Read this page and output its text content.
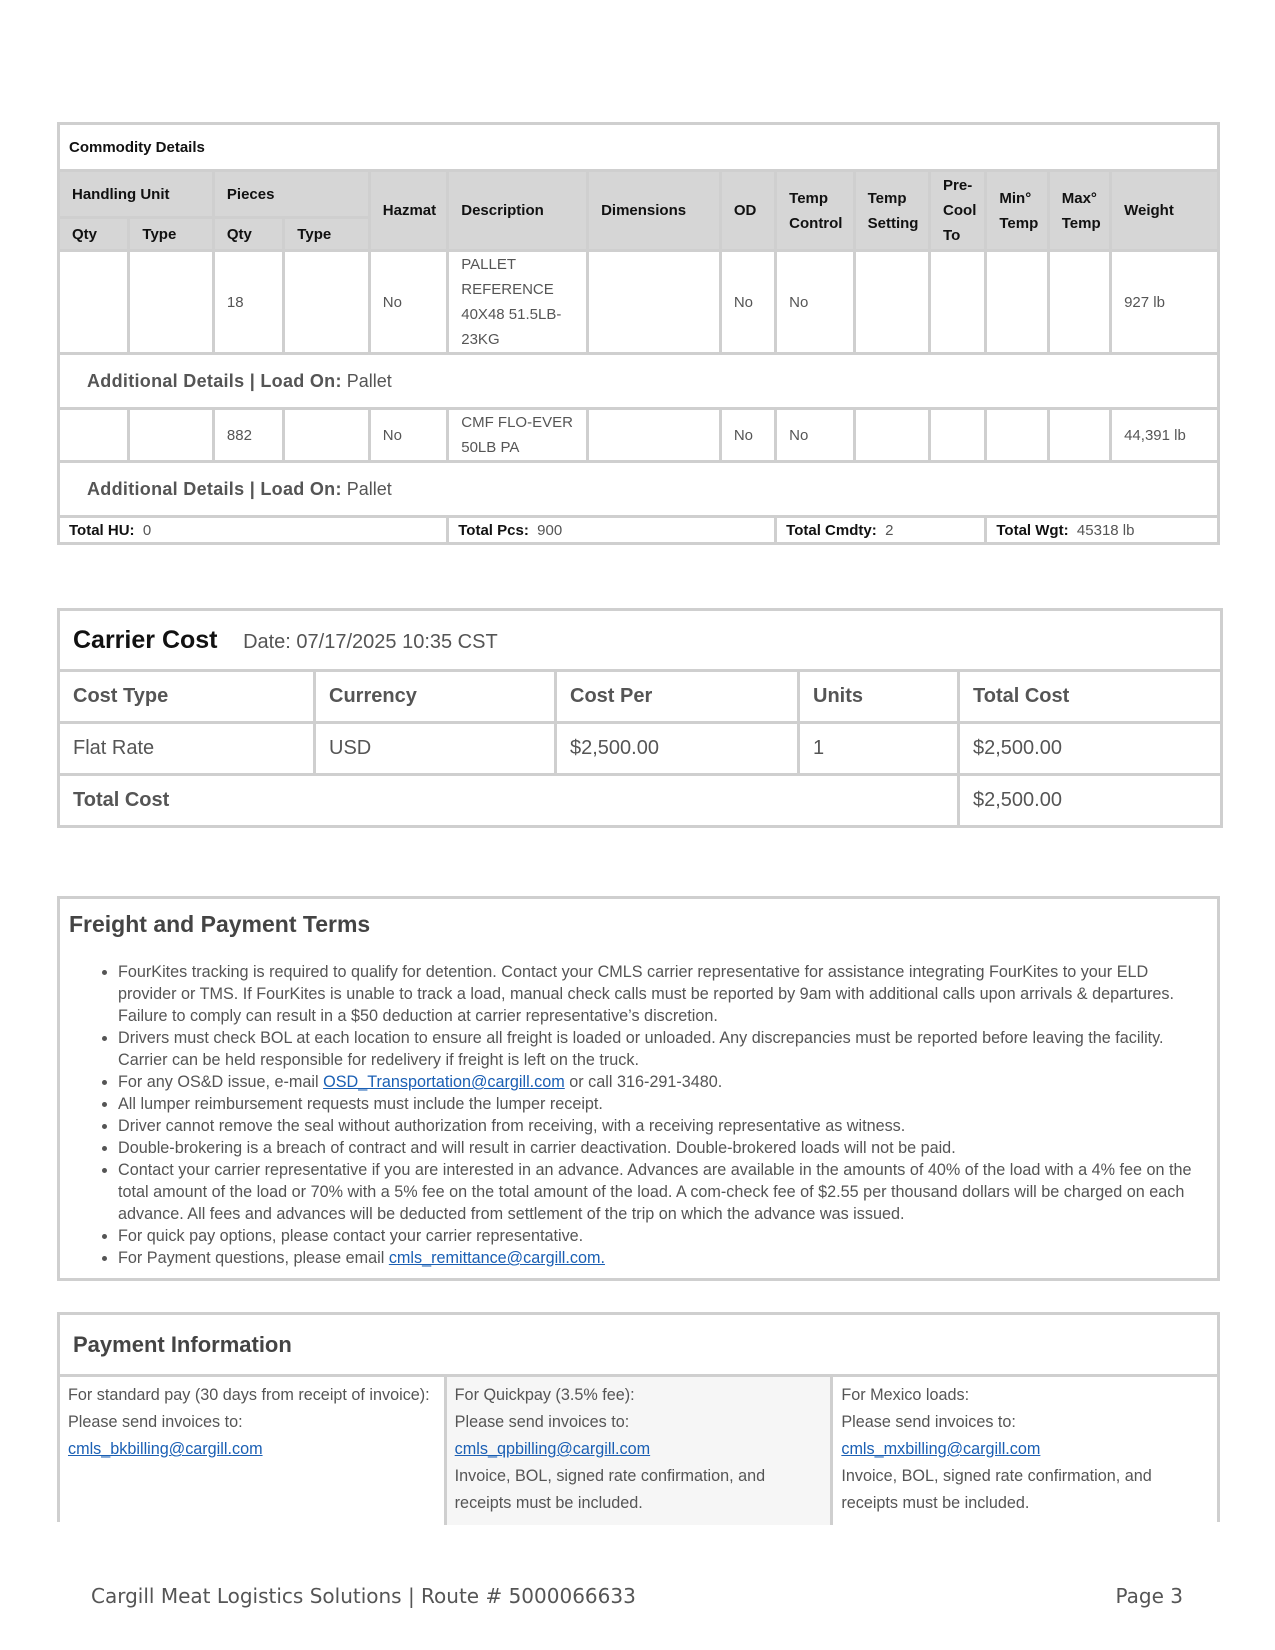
Commodity Details													
Handling Unit		Pieces		Hazmat	Description	Dimensions	OD	Temp Control	Temp Setting	Pre-Cool To	Min° Temp	Max° Temp	Weight
Qty	Type	Qty	Type										
		18		No	PALLET REFERENCE 40X48 51.5LB-23KG		No	No					927 lb
Additional Details | Load On: Pallet													
		882		No	CMF FLO-EVER 50LB PA		No	No					44,391 lb
Additional Details | Load On: Pallet													
Total HU: 0					Total Pcs: 900			Total Cmdty: 2			Total Wgt: 45318 lb		
Carrier Cost Date: 07/17/2025 10:35 CST				
Cost Type	Currency	Cost Per	Units	Total Cost
Flat Rate	USD	$2,500.00	1	$2,500.00
Total Cost				$2,500.00
Freight and Payment Terms
• FourKites tracking is required to qualify for detention. Contact your CMLS carrier representative for assistance integrating FourKites to your ELD provider or TMS. If FourKites is unable to track a load, manual check calls must be reported by 9am with additional calls upon arrivals & departures. Failure to comply can result in a $50 deduction at carrier representative’s discretion.
• Drivers must check BOL at each location to ensure all freight is loaded or unloaded. Any discrepancies must be reported before leaving the facility. Carrier can be held responsible for redelivery if freight is left on the truck.
• For any OS&D issue, e-mail OSD_Transportation@cargill.com or call 316-291-3480.
• All lumper reimbursement requests must include the lumper receipt.
• Driver cannot remove the seal without authorization from receiving, with a receiving representative as witness.
• Double-brokering is a breach of contract and will result in carrier deactivation. Double-brokered loads will not be paid.
• Contact your carrier representative if you are interested in an advance. Advances are available in the amounts of 40% of the load with a 4% fee on the total amount of the load or 70% with a 5% fee on the total amount of the load. A com-check fee of $2.55 per thousand dollars will be charged on each advance. All fees and advances will be deducted from settlement of the trip on which the advance was issued.
• For quick pay options, please contact your carrier representative.
• For Payment questions, please email cmls_remittance@cargill.com.
Payment Information
For standard pay (30 days from receipt of invoice):
Please send invoices to:
cmls_bkbilling@cargill.com
For Quickpay (3.5% fee):
Please send invoices to:
cmls_qpbilling@cargill.com
Invoice, BOL, signed rate confirmation, and receipts must be included.
For Mexico loads:
Please send invoices to:
cmls_mxbilling@cargill.com
Invoice, BOL, signed rate confirmation, and receipts must be included.
Cargill Meat Logistics Solutions | Route # 5000066633	Page 3
